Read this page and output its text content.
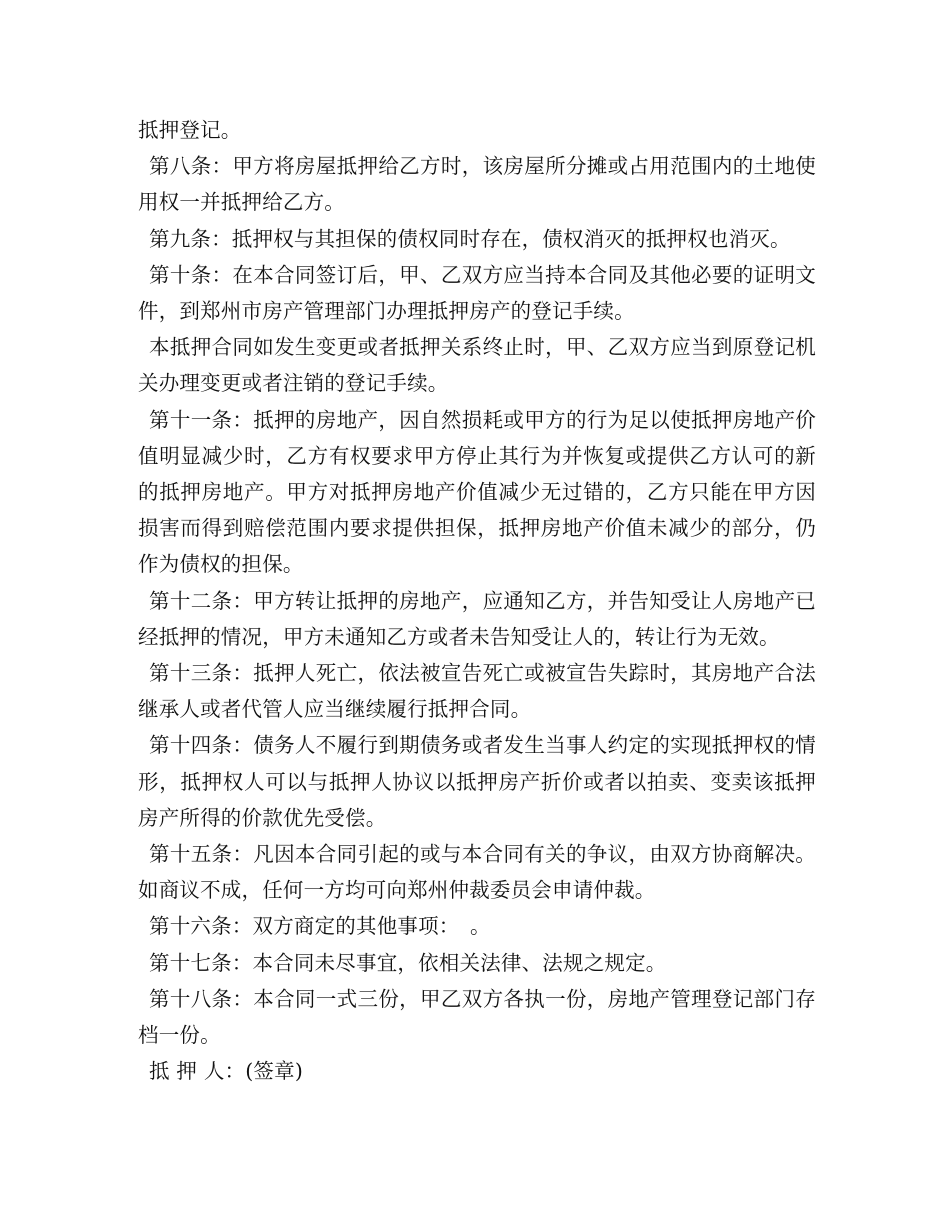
抵押登记。

第八条：甲方将房屋抵押给乙方时，该房屋所分摊或占用范围内的土地使用权一并抵押给乙方。

第九条：抵押权与其担保的债权同时存在，债权消灭的抵押权也消灭。

第十条：在本合同签订后，甲、乙双方应当持本合同及其他必要的证明文件，到郑州市房产管理部门办理抵押房产的登记手续。

本抵押合同如发生变更或者抵押关系终止时，甲、乙双方应当到原登记机关办理变更或者注销的登记手续。

第十一条：抵押的房地产，因自然损耗或甲方的行为足以使抵押房地产价值明显减少时，乙方有权要求甲方停止其行为并恢复或提供乙方认可的新的抵押房地产。甲方对抵押房地产价值减少无过错的，乙方只能在甲方因损害而得到赔偿范围内要求提供担保，抵押房地产价值未减少的部分，仍作为债权的担保。

第十二条：甲方转让抵押的房地产，应通知乙方，并告知受让人房地产已经抵押的情况，甲方未通知乙方或者未告知受让人的，转让行为无效。

第十三条：抵押人死亡，依法被宣告死亡或被宣告失踪时，其房地产合法继承人或者代管人应当继续履行抵押合同。

第十四条：债务人不履行到期债务或者发生当事人约定的实现抵押权的情形，抵押权人可以与抵押人协议以抵押房产折价或者以拍卖、变卖该抵押房产所得的价款优先受偿。

第十五条：凡因本合同引起的或与本合同有关的争议，由双方协商解决。如商议不成，任何一方均可向郑州仲裁委员会申请仲裁。

第十六条：双方商定的其他事项：　。

第十七条：本合同未尽事宜，依相关法律、法规之规定。

第十八条：本合同一式三份，甲乙双方各执一份，房地产管理登记部门存档一份。

抵 押 人：(签章)
